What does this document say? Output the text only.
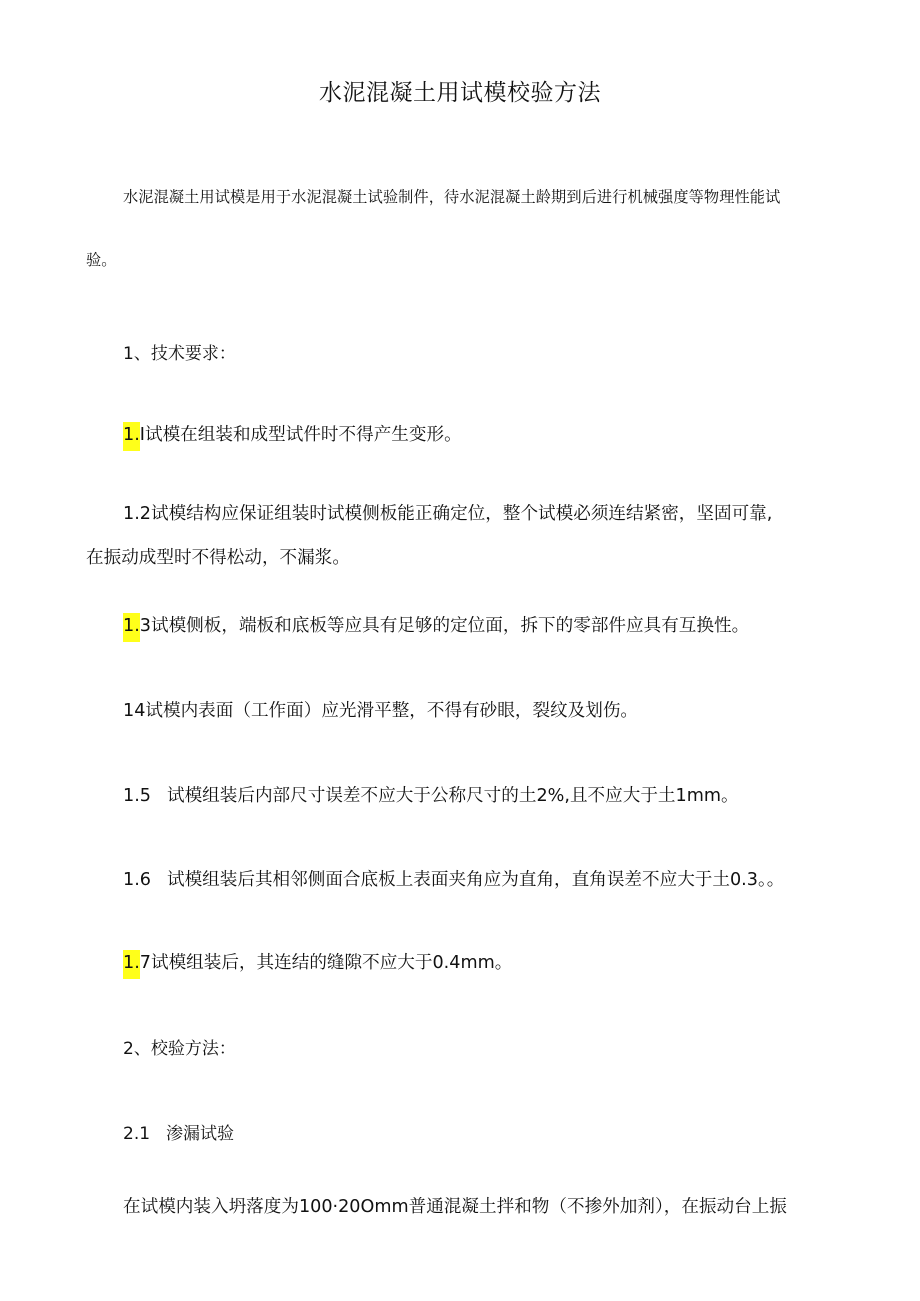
水泥混凝土用试模校验方法
水泥混凝土用试模是用于水泥混凝土试验制件，待水泥混凝土龄期到后进行机械强度等物理性能试
验。
1、技术要求：
1.I试模在组装和成型试件时不得产生变形。
1.2试模结构应保证组装时试模侧板能正确定位，整个试模必须连结紧密，坚固可靠,
在振动成型时不得松动，不漏浆。
1.3试模侧板，端板和底板等应具有足够的定位面，拆下的零部件应具有互换性。
14试模内表面（工作面）应光滑平整，不得有砂眼，裂纹及划伤。
1.5 试模组装后内部尺寸误差不应大于公称尺寸的土2%,且不应大于土1mm。
1.6 试模组装后其相邻侧面合底板上表面夹角应为直角，直角误差不应大于土0.3。。
1.7试模组装后，其连结的缝隙不应大于0.4mm。
2、校验方法：
2.1 渗漏试验
在试模内装入坍落度为100·20Omm普通混凝土拌和物（不掺外加剂），在振动台上振
